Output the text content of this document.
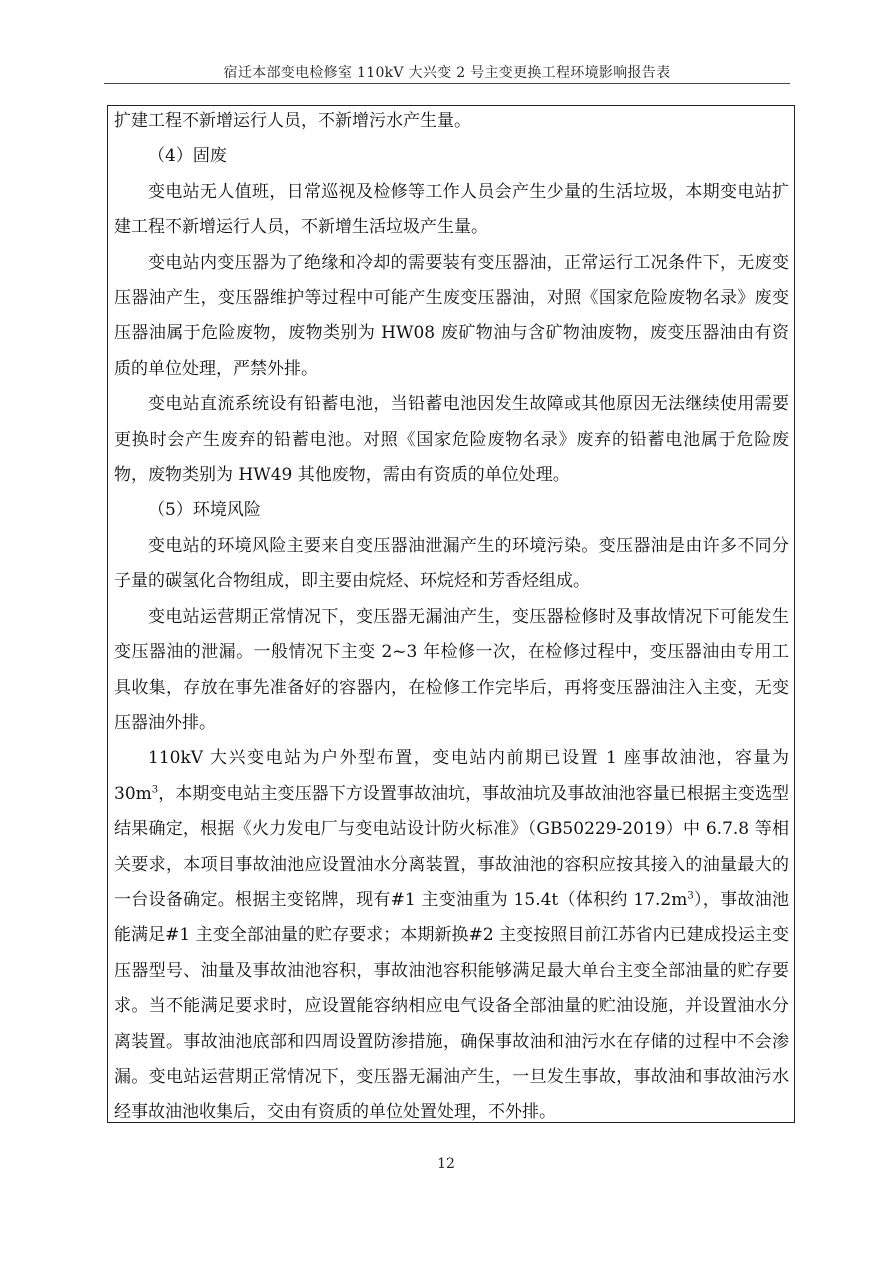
宿迁本部变电检修室 110kV 大兴变 2 号主变更换工程环境影响报告表

扩建工程不新增运行人员，不新增污水产生量。

（4）固废

变电站无人值班，日常巡视及检修等工作人员会产生少量的生活垃圾，本期变电站扩建工程不新增运行人员，不新增生活垃圾产生量。

变电站内变压器为了绝缘和冷却的需要装有变压器油，正常运行工况条件下，无废变压器油产生，变压器维护等过程中可能产生废变压器油，对照《国家危险废物名录》废变压器油属于危险废物，废物类别为 HW08 废矿物油与含矿物油废物，废变压器油由有资质的单位处理，严禁外排。

变电站直流系统设有铅蓄电池，当铅蓄电池因发生故障或其他原因无法继续使用需要更换时会产生废弃的铅蓄电池。对照《国家危险废物名录》废弃的铅蓄电池属于危险废物，废物类别为 HW49 其他废物，需由有资质的单位处理。

（5）环境风险

变电站的环境风险主要来自变压器油泄漏产生的环境污染。变压器油是由许多不同分子量的碳氢化合物组成，即主要由烷烃、环烷烃和芳香烃组成。

变电站运营期正常情况下，变压器无漏油产生，变压器检修时及事故情况下可能发生变压器油的泄漏。一般情况下主变 2~3 年检修一次，在检修过程中，变压器油由专用工具收集，存放在事先准备好的容器内，在检修工作完毕后，再将变压器油注入主变，无变压器油外排。

110kV 大兴变电站为户外型布置，变电站内前期已设置 1 座事故油池，容量为 $30m^3$，本期变电站主变压器下方设置事故油坑，事故油坑及事故油池容量已根据主变选型结果确定，根据《火力发电厂与变电站设计防火标准》（GB50229-2019）中 6.7.8 等相关要求，本项目事故油池应设置油水分离装置，事故油池的容积应按其接入的油量最大的一台设备确定。根据主变铭牌，现有#1 主变油重为 15.4t（体积约 $17.2m^3$），事故油池能满足#1 主变全部油量的贮存要求；本期新换#2 主变按照目前江苏省内已建成投运主变压器型号、油量及事故油池容积，事故油池容积能够满足最大单台主变全部油量的贮存要求。当不能满足要求时，应设置能容纳相应电气设备全部油量的贮油设施，并设置油水分离装置。事故油池底部和四周设置防渗措施，确保事故油和油污水在存储的过程中不会渗漏。变电站运营期正常情况下，变压器无漏油产生，一旦发生事故，事故油和事故油污水经事故油池收集后，交由有资质的单位处置处理，不外排。

12
